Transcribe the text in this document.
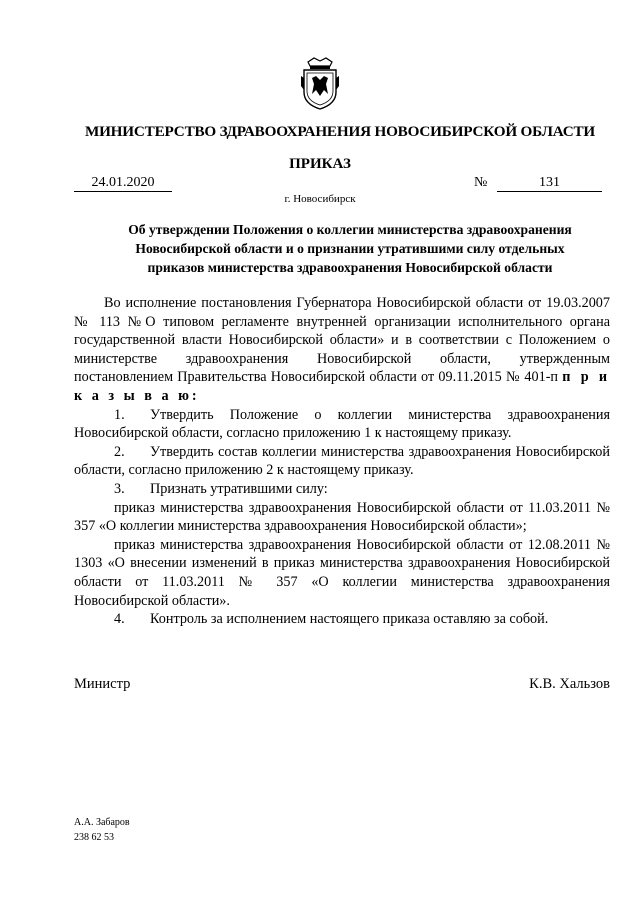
МИНИСТЕРСТВО ЗДРАВООХРАНЕНИЯ НОВОСИБИРСКОЙ ОБЛАСТИ
ПРИКАЗ
24.01.2020	№	131
г. Новосибирск
Об утверждении Положения о коллегии министерства здравоохранения
Новосибирской области и о признании утратившими силу отдельных
приказов министерства здравоохранения Новосибирской области

Во исполнение постановления Губернатора Новосибирской области от 19.03.2007 № 113 №О типовом регламенте внутренней организации исполнительного органа государственной власти Новосибирской области» и в соответствии с Положением о министерстве здравоохранения Новосибирской области, утвержденным постановлением Правительства Новосибирской области от 09.11.2015 № 401-п п р и к а з ы в а ю:

1. Утвердить Положение о коллегии министерства здравоохранения Новосибирской области, согласно приложению 1 к настоящему приказу.

2. Утвердить состав коллегии министерства здравоохранения Новосибирской области, согласно приложению 2 к настоящему приказу.

3. Признать утратившими силу:

приказ министерства здравоохранения Новосибирской области от 11.03.2011 № 357 «О коллегии министерства здравоохранения Новосибирской области»;

приказ министерства здравоохранения Новосибирской области от 12.08.2011 № 1303 «О внесении изменений в приказ министерства здравоохранения Новосибирской области от 11.03.2011 № 357 «О коллегии министерства здравоохранения Новосибирской области».

4. Контроль за исполнением настоящего приказа оставляю за собой.

Министр	К.В. Хальзов
А.А. Забаров
238 62 53
